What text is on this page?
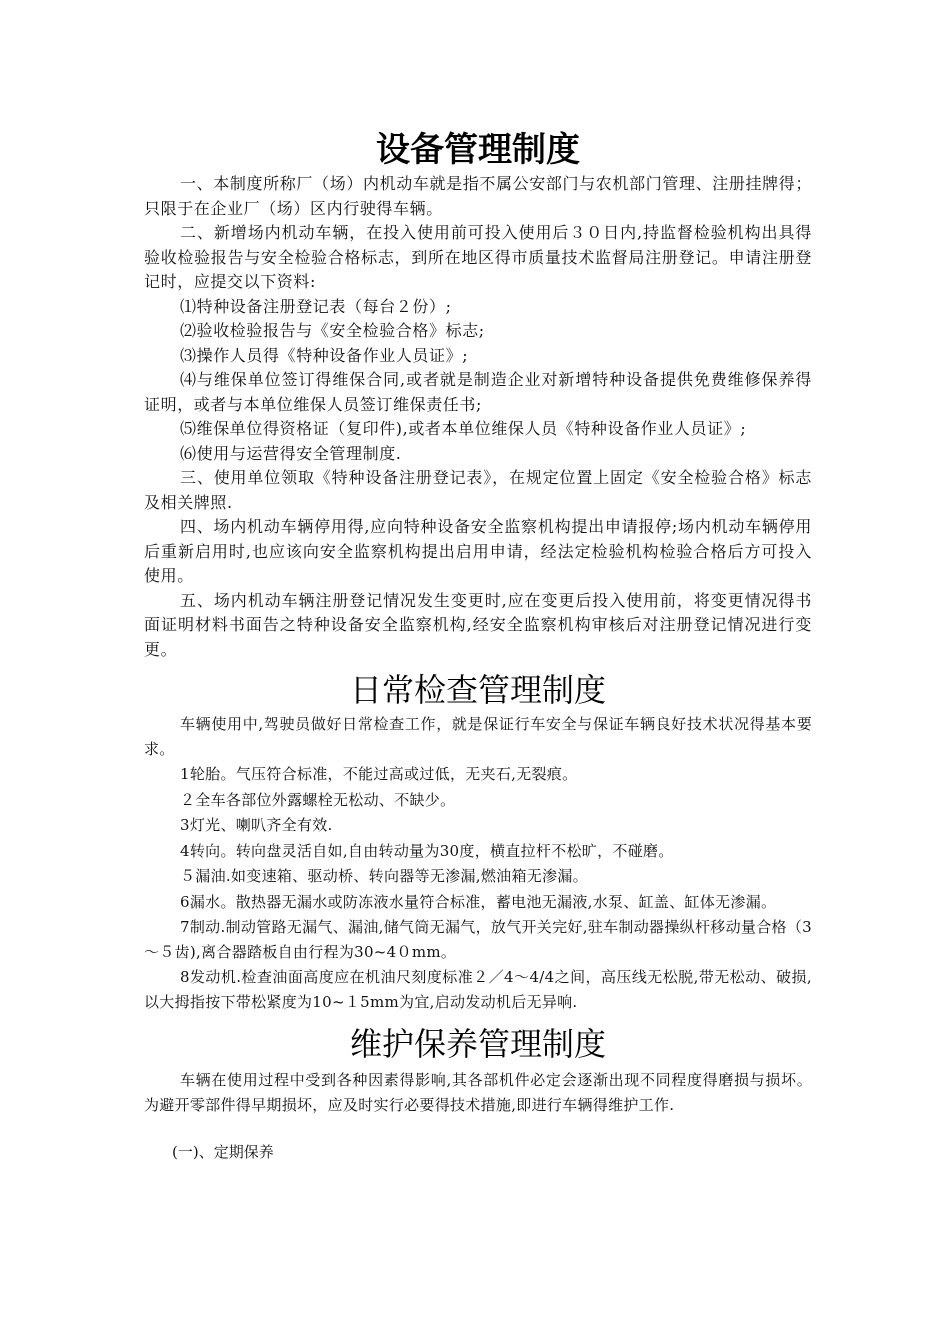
设备管理制度

一、本制度所称厂（场）内机动车就是指不属公安部门与农机部门管理、注册挂牌得；只限于在企业厂（场）区内行驶得车辆。

二、新增场内机动车辆，在投入使用前可投入使用后３０日内,持监督检验机构出具得验收检验报告与安全检验合格标志，到所在地区得市质量技术监督局注册登记。申请注册登记时，应提交以下资料:

⑴特种设备注册登记表（每台２份）;

⑵验收检验报告与《安全检验合格》标志;

⑶操作人员得《特种设备作业人员证》;

⑷与维保单位签订得维保合同,或者就是制造企业对新增特种设备提供免费维修保养得证明，或者与本单位维保人员签订维保责任书;

⑸维保单位得资格证（复印件),或者本单位维保人员《特种设备作业人员证》;

⑹使用与运营得安全管理制度.

三、使用单位领取《特种设备注册登记表》，在规定位置上固定《安全检验合格》标志及相关牌照.

四、场内机动车辆停用得,应向特种设备安全监察机构提出申请报停;场内机动车辆停用后重新启用时,也应该向安全监察机构提出启用申请，经法定检验机构检验合格后方可投入使用。

五、场内机动车辆注册登记情况发生变更时,应在变更后投入使用前，将变更情况得书面证明材料书面告之特种设备安全监察机构,经安全监察机构审核后对注册登记情况进行变更。

日常检查管理制度

车辆使用中,驾驶员做好日常检查工作，就是保证行车安全与保证车辆良好技术状况得基本要求。

1轮胎。气压符合标准，不能过高或过低，无夹石,无裂痕。

２全车各部位外露螺栓无松动、不缺少。

3灯光、喇叭齐全有效.

4转向。转向盘灵活自如,自由转动量为30度，横直拉杆不松旷，不碰磨。

５漏油.如变速箱、驱动桥、转向器等无渗漏,燃油箱无渗漏。

6漏水。散热器无漏水或防冻液水量符合标准，蓄电池无漏液,水泵、缸盖、缸体无渗漏。

7制动.制动管路无漏气、漏油,储气筒无漏气，放气开关完好,驻车制动器操纵杆移动量合格（3～５齿),离合器踏板自由行程为30~4０mm。

8发动机.检查油面高度应在机油尺刻度标准２／4～4/4之间，高压线无松脱,带无松动、破损,以大拇指按下带松紧度为10~１5mm为宜,启动发动机后无异响.

维护保养管理制度

车辆在使用过程中受到各种因素得影响,其各部机件必定会逐渐出现不同程度得磨损与损坏。为避开零部件得早期损坏，应及时实行必要得技术措施,即进行车辆得维护工作.

(一)、定期保养
